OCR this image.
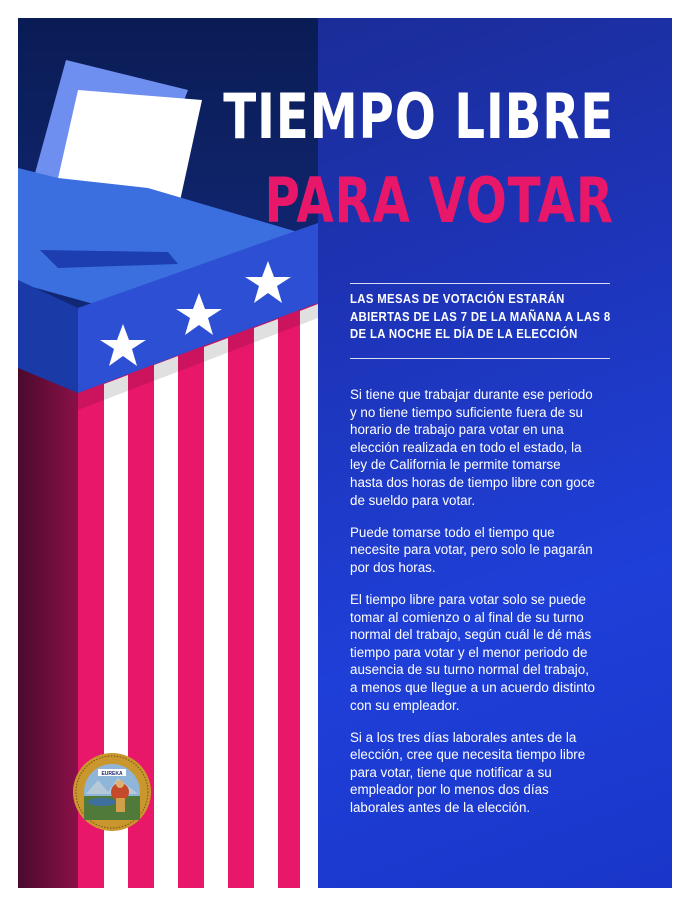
TIEMPO LIBRE
PARA VOTAR
LAS MESAS DE VOTACIÓN ESTARÁN ABIERTAS DE LAS 7 DE LA MAÑANA A LAS 8 DE LA NOCHE EL DÍA DE LA ELECCIÓN

Si tiene que trabajar durante ese periodo y no tiene tiempo suficiente fuera de su horario de trabajo para votar en una elección realizada en todo el estado, la ley de California le permite tomarse hasta dos horas de tiempo libre con goce de sueldo para votar.

Puede tomarse todo el tiempo que necesite para votar, pero solo le pagarán por dos horas.

El tiempo libre para votar solo se puede tomar al comienzo o al final de su turno normal del trabajo, según cuál le dé más tiempo para votar y el menor periodo de ausencia de su turno normal del trabajo, a menos que llegue a un acuerdo distinto con su empleador.

Si a los tres días laborales antes de la elección, cree que necesita tiempo libre para votar, tiene que notificar a su empleador por lo menos dos días laborales antes de la elección.

EUREKA
